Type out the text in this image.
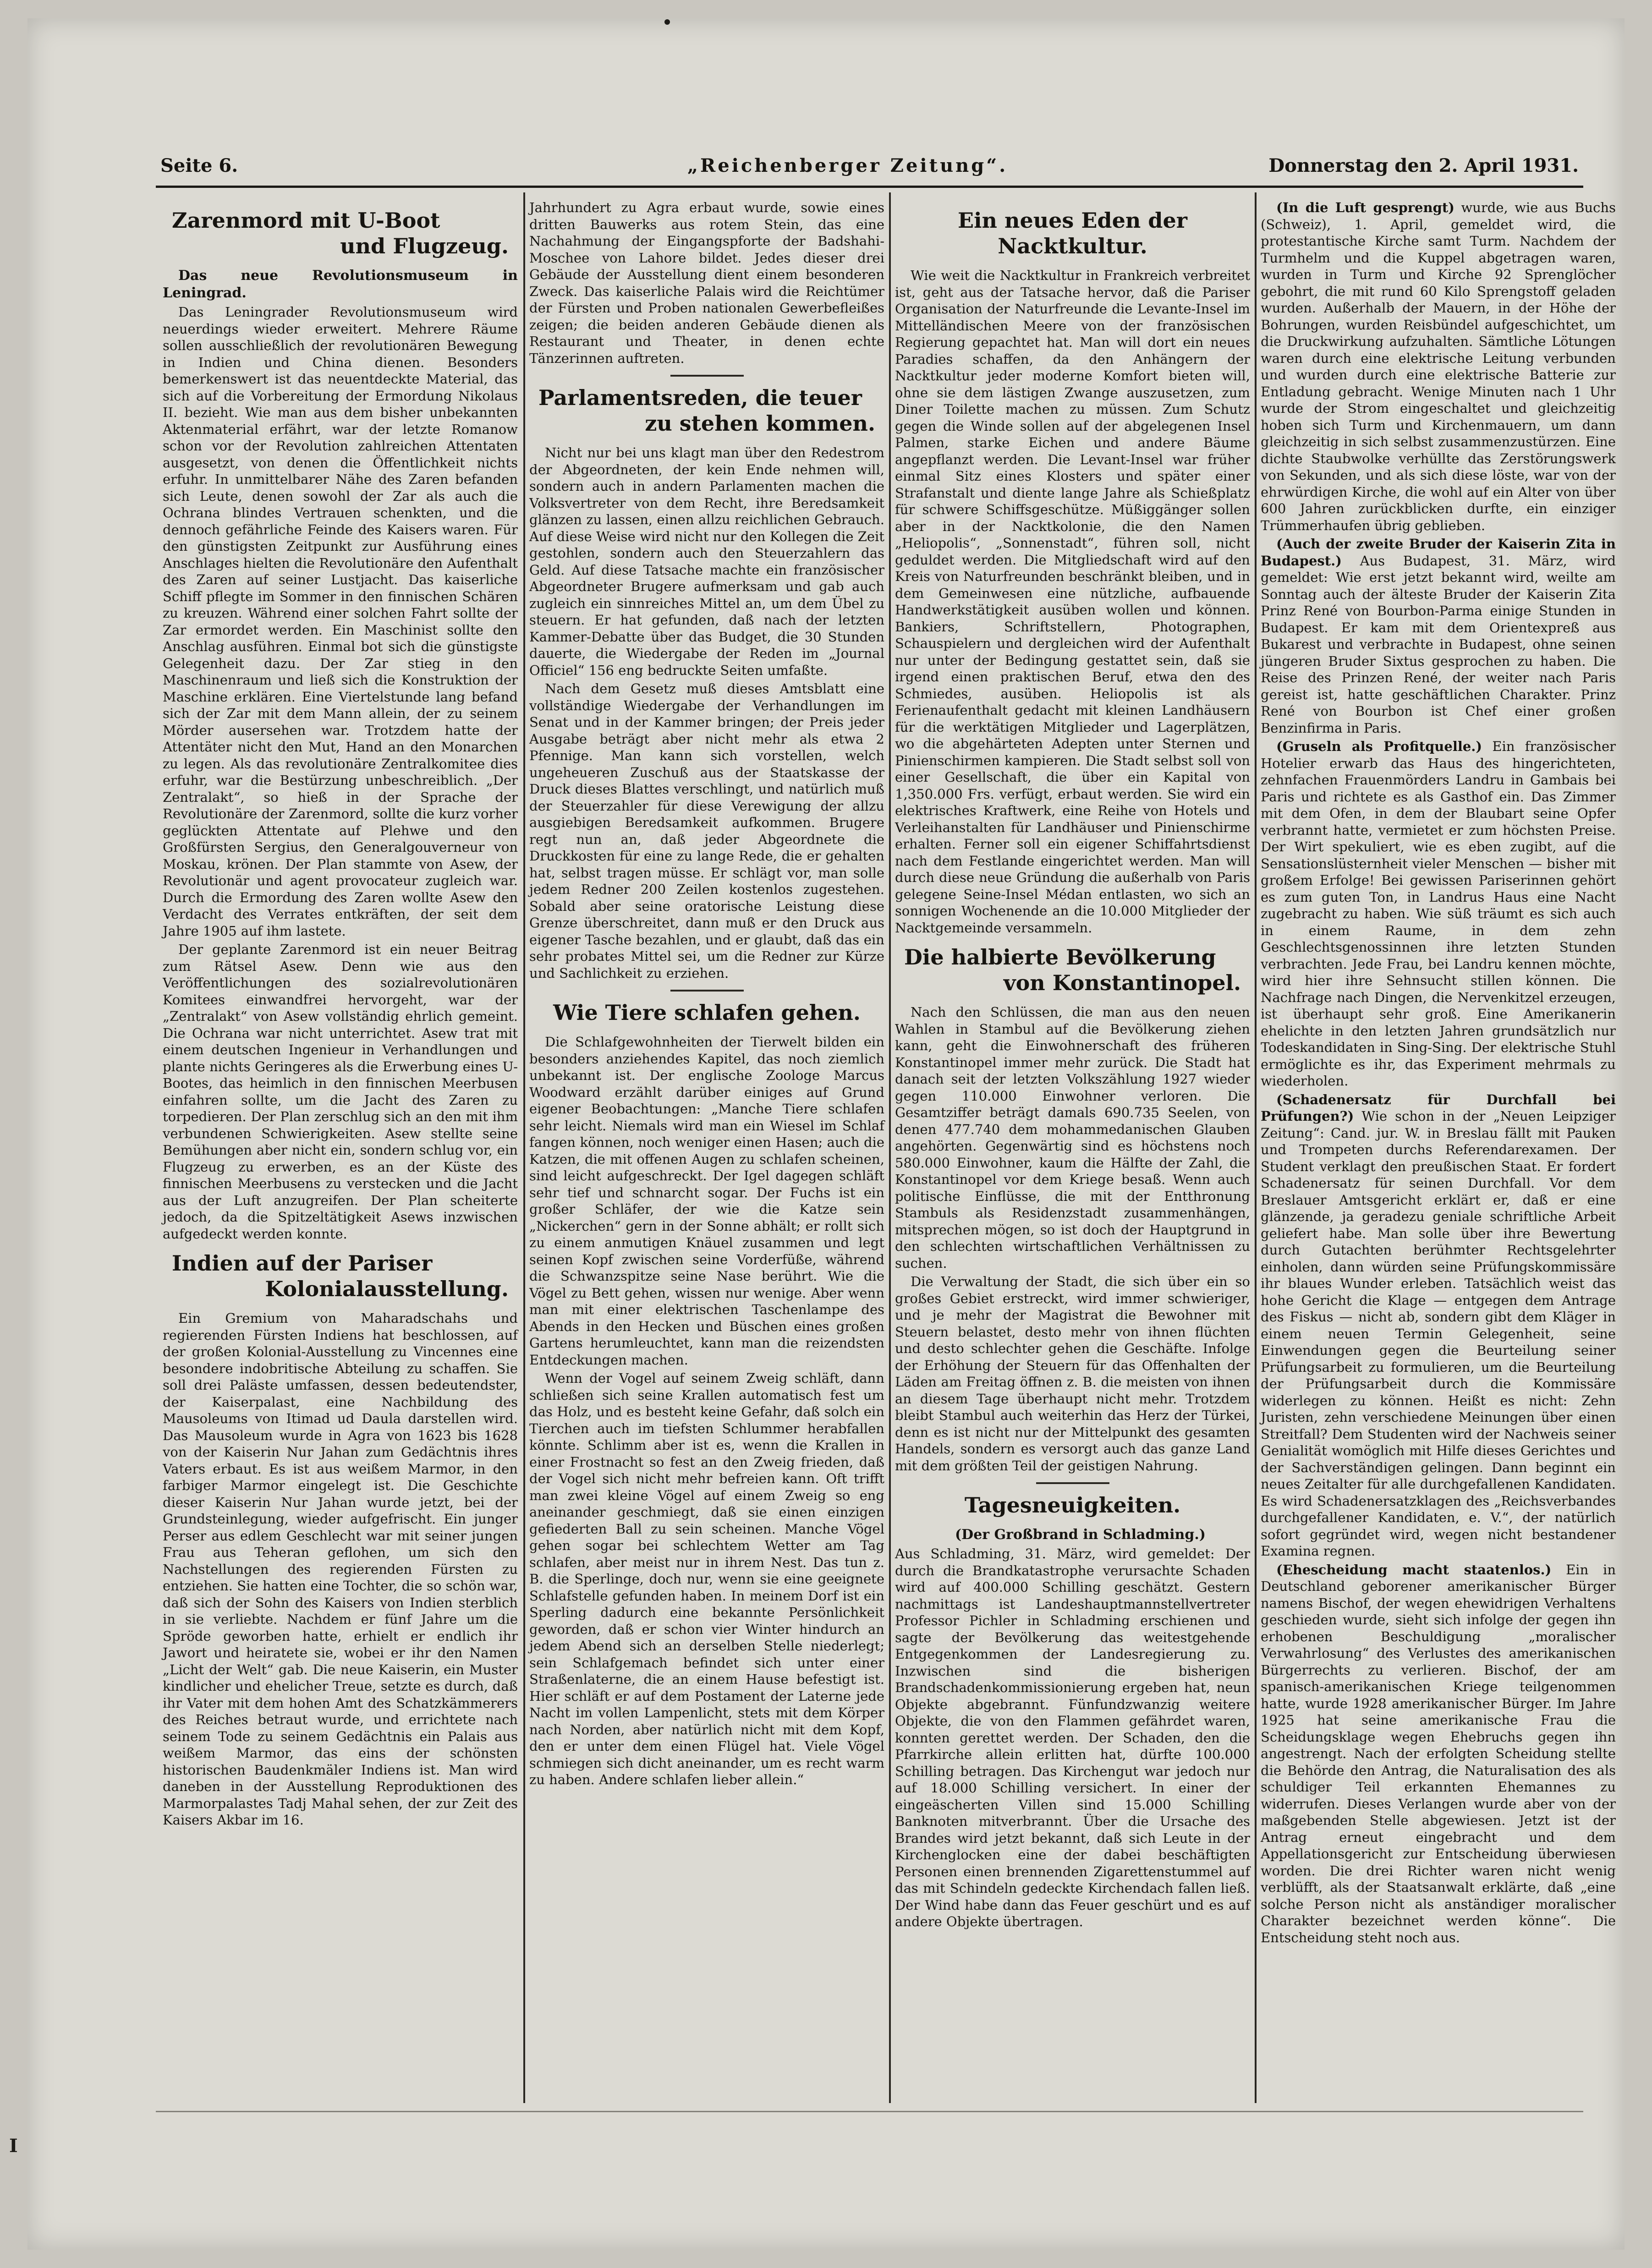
I
Seite 6.	„Reichenberger Zeitung“.	Donnerstag den 2. April 1931.
Zarenmord mit U-Boot
und Flugzeug.

Das neue Revolutionsmuseum in Leningrad.

Das Leningrader Revolutionsmuseum wird neuerdings wieder erweitert. Mehrere Räume sollen ausschließlich der revolutionären Bewegung in Indien und China dienen. Besonders bemerkenswert ist das neuentdeckte Material, das sich auf die Vorbereitung der Ermordung Nikolaus II. bezieht. Wie man aus dem bisher unbekannten Aktenmaterial erfährt, war der letzte Romanow schon vor der Revolution zahlreichen Attentaten ausgesetzt, von denen die Öffentlichkeit nichts erfuhr. In unmittelbarer Nähe des Zaren befanden sich Leute, denen sowohl der Zar als auch die Ochrana blindes Vertrauen schenkten, und die dennoch gefährliche Feinde des Kaisers waren. Für den günstigsten Zeitpunkt zur Ausführung eines Anschlages hielten die Revolutionäre den Aufenthalt des Zaren auf seiner Lustjacht. Das kaiserliche Schiff pflegte im Sommer in den finnischen Schären zu kreuzen. Während einer solchen Fahrt sollte der Zar ermordet werden. Ein Maschinist sollte den Anschlag ausführen. Einmal bot sich die günstigste Gelegenheit dazu. Der Zar stieg in den Maschinenraum und ließ sich die Konstruktion der Maschine erklären. Eine Viertelstunde lang befand sich der Zar mit dem Mann allein, der zu seinem Mörder ausersehen war. Trotzdem hatte der Attentäter nicht den Mut, Hand an den Monarchen zu legen. Als das revolutionäre Zentralkomitee dies erfuhr, war die Bestürzung unbeschreiblich. „Der Zentralakt“, so hieß in der Sprache der Revolutionäre der Zarenmord, sollte die kurz vorher geglückten Attentate auf Plehwe und den Großfürsten Sergius, den Generalgouverneur von Moskau, krönen. Der Plan stammte von Asew, der Revolutionär und agent provocateur zugleich war. Durch die Ermordung des Zaren wollte Asew den Verdacht des Verrates entkräften, der seit dem Jahre 1905 auf ihm lastete.

Der geplante Zarenmord ist ein neuer Beitrag zum Rätsel Asew. Denn wie aus den Veröffentlichungen des sozialrevolutionären Komitees einwandfrei hervorgeht, war der „Zentralakt“ von Asew vollständig ehrlich gemeint. Die Ochrana war nicht unterrichtet. Asew trat mit einem deutschen Ingenieur in Verhandlungen und plante nichts Geringeres als die Erwerbung eines U-Bootes, das heimlich in den finnischen Meerbusen einfahren sollte, um die Jacht des Zaren zu torpedieren. Der Plan zerschlug sich an den mit ihm verbundenen Schwierigkeiten. Asew stellte seine Bemühungen aber nicht ein, sondern schlug vor, ein Flugzeug zu erwerben, es an der Küste des finnischen Meerbusens zu verstecken und die Jacht aus der Luft anzugreifen. Der Plan scheiterte jedoch, da die Spitzeltätigkeit Asews inzwischen aufgedeckt werden konnte.

Indien auf der Pariser
Kolonialausstellung.

Ein Gremium von Maharadschahs und regierenden Fürsten Indiens hat beschlossen, auf der großen Kolonial-Ausstellung zu Vincennes eine besondere indobritische Abteilung zu schaffen. Sie soll drei Paläste umfassen, dessen bedeutendster, der Kaiserpalast, eine Nachbildung des Mausoleums von Itimad ud Daula darstellen wird. Das Mausoleum wurde in Agra von 1623 bis 1628 von der Kaiserin Nur Jahan zum Gedächtnis ihres Vaters erbaut. Es ist aus weißem Marmor, in den farbiger Marmor eingelegt ist. Die Geschichte dieser Kaiserin Nur Jahan wurde jetzt, bei der Grundsteinlegung, wieder aufgefrischt. Ein junger Perser aus edlem Geschlecht war mit seiner jungen Frau aus Teheran geflohen, um sich den Nachstellungen des regierenden Fürsten zu entziehen. Sie hatten eine Tochter, die so schön war, daß sich der Sohn des Kaisers von Indien sterblich in sie verliebte. Nachdem er fünf Jahre um die Spröde geworben hatte, erhielt er endlich ihr Jawort und heiratete sie, wobei er ihr den Namen „Licht der Welt“ gab. Die neue Kaiserin, ein Muster kindlicher und ehelicher Treue, setzte es durch, daß ihr Vater mit dem hohen Amt des Schatzkämmerers des Reiches betraut wurde, und errichtete nach seinem Tode zu seinem Gedächtnis ein Palais aus weißem Marmor, das eins der schönsten historischen Baudenkmäler Indiens ist. Man wird daneben in der Ausstellung Reproduktionen des Marmorpalastes Tadj Mahal sehen, der zur Zeit des Kaisers Akbar im 16.

Jahrhundert zu Agra erbaut wurde, sowie eines dritten Bauwerks aus rotem Stein, das eine Nachahmung der Eingangspforte der Badshahi-Moschee von Lahore bildet. Jedes dieser drei Gebäude der Ausstellung dient einem besonderen Zweck. Das kaiserliche Palais wird die Reichtümer der Fürsten und Proben nationalen Gewerbefleißes zeigen; die beiden anderen Gebäude dienen als Restaurant und Theater, in denen echte Tänzerinnen auftreten.

Parlamentsreden, die teuer
zu stehen kommen.

Nicht nur bei uns klagt man über den Redestrom der Abgeordneten, der kein Ende nehmen will, sondern auch in andern Parlamenten machen die Volksvertreter von dem Recht, ihre Beredsamkeit glänzen zu lassen, einen allzu reichlichen Gebrauch. Auf diese Weise wird nicht nur den Kollegen die Zeit gestohlen, sondern auch den Steuerzahlern das Geld. Auf diese Tatsache machte ein französischer Abgeordneter Brugere aufmerksam und gab auch zugleich ein sinnreiches Mittel an, um dem Übel zu steuern. Er hat gefunden, daß nach der letzten Kammer-Debatte über das Budget, die 30 Stunden dauerte, die Wiedergabe der Reden im „Journal Officiel“ 156 eng bedruckte Seiten umfaßte.

Nach dem Gesetz muß dieses Amtsblatt eine vollständige Wiedergabe der Verhandlungen im Senat und in der Kammer bringen; der Preis jeder Ausgabe beträgt aber nicht mehr als etwa 2 Pfennige. Man kann sich vorstellen, welch ungeheueren Zuschuß aus der Staatskasse der Druck dieses Blattes verschlingt, und natürlich muß der Steuerzahler für diese Verewigung der allzu ausgiebigen Beredsamkeit aufkommen. Brugere regt nun an, daß jeder Abgeordnete die Druckkosten für eine zu lange Rede, die er gehalten hat, selbst tragen müsse. Er schlägt vor, man solle jedem Redner 200 Zeilen kostenlos zugestehen. Sobald aber seine oratorische Leistung diese Grenze überschreitet, dann muß er den Druck aus eigener Tasche bezahlen, und er glaubt, daß das ein sehr probates Mittel sei, um die Redner zur Kürze und Sachlichkeit zu erziehen.

Wie Tiere schlafen gehen.

Die Schlafgewohnheiten der Tierwelt bilden ein besonders anziehendes Kapitel, das noch ziemlich unbekannt ist. Der englische Zoologe Marcus Woodward erzählt darüber einiges auf Grund eigener Beobachtungen: „Manche Tiere schlafen sehr leicht. Niemals wird man ein Wiesel im Schlaf fangen können, noch weniger einen Hasen; auch die Katzen, die mit offenen Augen zu schlafen scheinen, sind leicht aufgeschreckt. Der Igel dagegen schläft sehr tief und schnarcht sogar. Der Fuchs ist ein großer Schläfer, der wie die Katze sein „Nickerchen“ gern in der Sonne abhält; er rollt sich zu einem anmutigen Knäuel zusammen und legt seinen Kopf zwischen seine Vorderfüße, während die Schwanzspitze seine Nase berührt. Wie die Vögel zu Bett gehen, wissen nur wenige. Aber wenn man mit einer elektrischen Taschenlampe des Abends in den Hecken und Büschen eines großen Gartens herumleuchtet, kann man die reizendsten Entdeckungen machen.

Wenn der Vogel auf seinem Zweig schläft, dann schließen sich seine Krallen automatisch fest um das Holz, und es besteht keine Gefahr, daß solch ein Tierchen auch im tiefsten Schlummer herabfallen könnte. Schlimm aber ist es, wenn die Krallen in einer Frostnacht so fest an den Zweig frieden, daß der Vogel sich nicht mehr befreien kann. Oft trifft man zwei kleine Vögel auf einem Zweig so eng aneinander geschmiegt, daß sie einen einzigen gefiederten Ball zu sein scheinen. Manche Vögel gehen sogar bei schlechtem Wetter am Tag schlafen, aber meist nur in ihrem Nest. Das tun z. B. die Sperlinge, doch nur, wenn sie eine geeignete Schlafstelle gefunden haben. In meinem Dorf ist ein Sperling dadurch eine bekannte Persönlichkeit geworden, daß er schon vier Winter hindurch an jedem Abend sich an derselben Stelle niederlegt; sein Schlafgemach befindet sich unter einer Straßenlaterne, die an einem Hause befestigt ist. Hier schläft er auf dem Postament der Laterne jede Nacht im vollen Lampenlicht, stets mit dem Körper nach Norden, aber natürlich nicht mit dem Kopf, den er unter dem einen Flügel hat. Viele Vögel schmiegen sich dicht aneinander, um es recht warm zu haben. Andere schlafen lieber allein.“

Ein neues Eden der Nacktkultur.

Wie weit die Nacktkultur in Frankreich verbreitet ist, geht aus der Tatsache hervor, daß die Pariser Organisation der Naturfreunde die Levante-Insel im Mittelländischen Meere von der französischen Regierung gepachtet hat. Man will dort ein neues Paradies schaffen, da den Anhängern der Nacktkultur jeder moderne Komfort bieten will, ohne sie dem lästigen Zwange auszusetzen, zum Diner Toilette machen zu müssen. Zum Schutz gegen die Winde sollen auf der abgelegenen Insel Palmen, starke Eichen und andere Bäume angepflanzt werden. Die Levant-Insel war früher einmal Sitz eines Klosters und später einer Strafanstalt und diente lange Jahre als Schießplatz für schwere Schiffsgeschütze. Müßiggänger sollen aber in der Nacktkolonie, die den Namen „Heliopolis“, „Sonnenstadt“, führen soll, nicht geduldet werden. Die Mitgliedschaft wird auf den Kreis von Naturfreunden beschränkt bleiben, und in dem Gemeinwesen eine nützliche, aufbauende Handwerkstätigkeit ausüben wollen und können. Bankiers, Schriftstellern, Photographen, Schauspielern und dergleichen wird der Aufenthalt nur unter der Bedingung gestattet sein, daß sie irgend einen praktischen Beruf, etwa den des Schmiedes, ausüben. Heliopolis ist als Ferienaufenthalt gedacht mit kleinen Landhäusern für die werktätigen Mitglieder und Lagerplätzen, wo die abgehärteten Adepten unter Sternen und Pinienschirmen kampieren. Die Stadt selbst soll von einer Gesellschaft, die über ein Kapital von 1,350.000 Frs. verfügt, erbaut werden. Sie wird ein elektrisches Kraftwerk, eine Reihe von Hotels und Verleihanstalten für Landhäuser und Pinienschirme erhalten. Ferner soll ein eigener Schiffahrtsdienst nach dem Festlande eingerichtet werden. Man will durch diese neue Gründung die außerhalb von Paris gelegene Seine-Insel Médan entlasten, wo sich an sonnigen Wochenende an die 10.000 Mitglieder der Nacktgemeinde versammeln.

Die halbierte Bevölkerung
von Konstantinopel.

Nach den Schlüssen, die man aus den neuen Wahlen in Stambul auf die Bevölkerung ziehen kann, geht die Einwohnerschaft des früheren Konstantinopel immer mehr zurück. Die Stadt hat danach seit der letzten Volkszählung 1927 wieder gegen 110.000 Einwohner verloren. Die Gesamtziffer beträgt damals 690.735 Seelen, von denen 477.740 dem mohammedanischen Glauben angehörten. Gegenwärtig sind es höchstens noch 580.000 Einwohner, kaum die Hälfte der Zahl, die Konstantinopel vor dem Kriege besaß. Wenn auch politische Einflüsse, die mit der Entthronung Stambuls als Residenzstadt zusammenhängen, mitsprechen mögen, so ist doch der Hauptgrund in den schlechten wirtschaftlichen Verhältnissen zu suchen.

Die Verwaltung der Stadt, die sich über ein so großes Gebiet erstreckt, wird immer schwieriger, und je mehr der Magistrat die Bewohner mit Steuern belastet, desto mehr von ihnen flüchten und desto schlechter gehen die Geschäfte. Infolge der Erhöhung der Steuern für das Offenhalten der Läden am Freitag öffnen z. B. die meisten von ihnen an diesem Tage überhaupt nicht mehr. Trotzdem bleibt Stambul auch weiterhin das Herz der Türkei, denn es ist nicht nur der Mittelpunkt des gesamten Handels, sondern es versorgt auch das ganze Land mit dem größten Teil der geistigen Nahrung.

Tagesneuigkeiten.

(Der Großbrand in Schladming.)

Aus Schladming, 31. März, wird gemeldet: Der durch die Brandkatastrophe verursachte Schaden wird auf 400.000 Schilling geschätzt. Gestern nachmittags ist Landeshauptmannstellvertreter Professor Pichler in Schladming erschienen und sagte der Bevölkerung das weitestgehende Entgegenkommen der Landesregierung zu. Inzwischen sind die bisherigen Brandschadenkommissionierung ergeben hat, neun Objekte abgebrannt. Fünfundzwanzig weitere Objekte, die von den Flammen gefährdet waren, konnten gerettet werden. Der Schaden, den die Pfarrkirche allein erlitten hat, dürfte 100.000 Schilling betragen. Das Kirchengut war jedoch nur auf 18.000 Schilling versichert. In einer der eingeäscherten Villen sind 15.000 Schilling Banknoten mitverbrannt. Über die Ursache des Brandes wird jetzt bekannt, daß sich Leute in der Kirchenglocken eine der dabei beschäftigten Personen einen brennenden Zigarettenstummel auf das mit Schindeln gedeckte Kirchendach fallen ließ. Der Wind habe dann das Feuer geschürt und es auf andere Objekte übertragen.

(In die Luft gesprengt) wurde, wie aus Buchs (Schweiz), 1. April, gemeldet wird, die protestantische Kirche samt Turm. Nachdem der Turmhelm und die Kuppel abgetragen waren, wurden in Turm und Kirche 92 Sprenglöcher gebohrt, die mit rund 60 Kilo Sprengstoff geladen wurden. Außerhalb der Mauern, in der Höhe der Bohrungen, wurden Reisbündel aufgeschichtet, um die Druckwirkung aufzuhalten. Sämtliche Lötungen waren durch eine elektrische Leitung verbunden und wurden durch eine elektrische Batterie zur Entladung gebracht. Wenige Minuten nach 1 Uhr wurde der Strom eingeschaltet und gleichzeitig hoben sich Turm und Kirchenmauern, um dann gleichzeitig in sich selbst zusammenzustürzen. Eine dichte Staubwolke verhüllte das Zerstörungswerk von Sekunden, und als sich diese löste, war von der ehrwürdigen Kirche, die wohl auf ein Alter von über 600 Jahren zurückblicken durfte, ein einziger Trümmerhaufen übrig geblieben.

(Auch der zweite Bruder der Kaiserin Zita in Budapest.) Aus Budapest, 31. März, wird gemeldet: Wie erst jetzt bekannt wird, weilte am Sonntag auch der älteste Bruder der Kaiserin Zita Prinz René von Bourbon-Parma einige Stunden in Budapest. Er kam mit dem Orientexpreß aus Bukarest und verbrachte in Budapest, ohne seinen jüngeren Bruder Sixtus gesprochen zu haben. Die Reise des Prinzen René, der weiter nach Paris gereist ist, hatte geschäftlichen Charakter. Prinz René von Bourbon ist Chef einer großen Benzinfirma in Paris.

(Gruseln als Profitquelle.) Ein französischer Hotelier erwarb das Haus des hingerichteten, zehnfachen Frauenmörders Landru in Gambais bei Paris und richtete es als Gasthof ein. Das Zimmer mit dem Ofen, in dem der Blaubart seine Opfer verbrannt hatte, vermietet er zum höchsten Preise. Der Wirt spekuliert, wie es eben zugibt, auf die Sensationslüsternheit vieler Menschen — bisher mit großem Erfolge! Bei gewissen Pariserinnen gehört es zum guten Ton, in Landrus Haus eine Nacht zugebracht zu haben. Wie süß träumt es sich auch in einem Raume, in dem zehn Geschlechtsgenossinnen ihre letzten Stunden verbrachten. Jede Frau, bei Landru kennen möchte, wird hier ihre Sehnsucht stillen können. Die Nachfrage nach Dingen, die Nervenkitzel erzeugen, ist überhaupt sehr groß. Eine Amerikanerin ehelichte in den letzten Jahren grundsätzlich nur Todeskandidaten in Sing-Sing. Der elektrische Stuhl ermöglichte es ihr, das Experiment mehrmals zu wiederholen.

(Schadenersatz für Durchfall bei Prüfungen?) Wie schon in der „Neuen Leipziger Zeitung“: Cand. jur. W. in Breslau fällt mit Pauken und Trompeten durchs Referendarexamen. Der Student verklagt den preußischen Staat. Er fordert Schadenersatz für seinen Durchfall. Vor dem Breslauer Amtsgericht erklärt er, daß er eine glänzende, ja geradezu geniale schriftliche Arbeit geliefert habe. Man solle über ihre Bewertung durch Gutachten berühmter Rechtsgelehrter einholen, dann würden seine Prüfungskommissäre ihr blaues Wunder erleben. Tatsächlich weist das hohe Gericht die Klage — entgegen dem Antrage des Fiskus — nicht ab, sondern gibt dem Kläger in einem neuen Termin Gelegenheit, seine Einwendungen gegen die Beurteilung seiner Prüfungsarbeit zu formulieren, um die Beurteilung der Prüfungsarbeit durch die Kommissäre widerlegen zu können. Heißt es nicht: Zehn Juristen, zehn verschiedene Meinungen über einen Streitfall? Dem Studenten wird der Nachweis seiner Genialität womöglich mit Hilfe dieses Gerichtes und der Sachverständigen gelingen. Dann beginnt ein neues Zeitalter für alle durchgefallenen Kandidaten. Es wird Schadenersatzklagen des „Reichsverbandes durchgefallener Kandidaten, e. V.“, der natürlich sofort gegründet wird, wegen nicht bestandener Examina regnen.

(Ehescheidung macht staatenlos.) Ein in Deutschland geborener amerikanischer Bürger namens Bischof, der wegen ehewidrigen Verhaltens geschieden wurde, sieht sich infolge der gegen ihn erhobenen Beschuldigung „moralischer Verwahrlosung“ des Verlustes des amerikanischen Bürgerrechts zu verlieren. Bischof, der am spanisch-amerikanischen Kriege teilgenommen hatte, wurde 1928 amerikanischer Bürger. Im Jahre 1925 hat seine amerikanische Frau die Scheidungsklage wegen Ehebruchs gegen ihn angestrengt. Nach der erfolgten Scheidung stellte die Behörde den Antrag, die Naturalisation des als schuldiger Teil erkannten Ehemannes zu widerrufen. Dieses Verlangen wurde aber von der maßgebenden Stelle abgewiesen. Jetzt ist der Antrag erneut eingebracht und dem Appellationsgericht zur Entscheidung überwiesen worden. Die drei Richter waren nicht wenig verblüfft, als der Staatsanwalt erklärte, daß „eine solche Person nicht als anständiger moralischer Charakter bezeichnet werden könne“. Die Entscheidung steht noch aus.
